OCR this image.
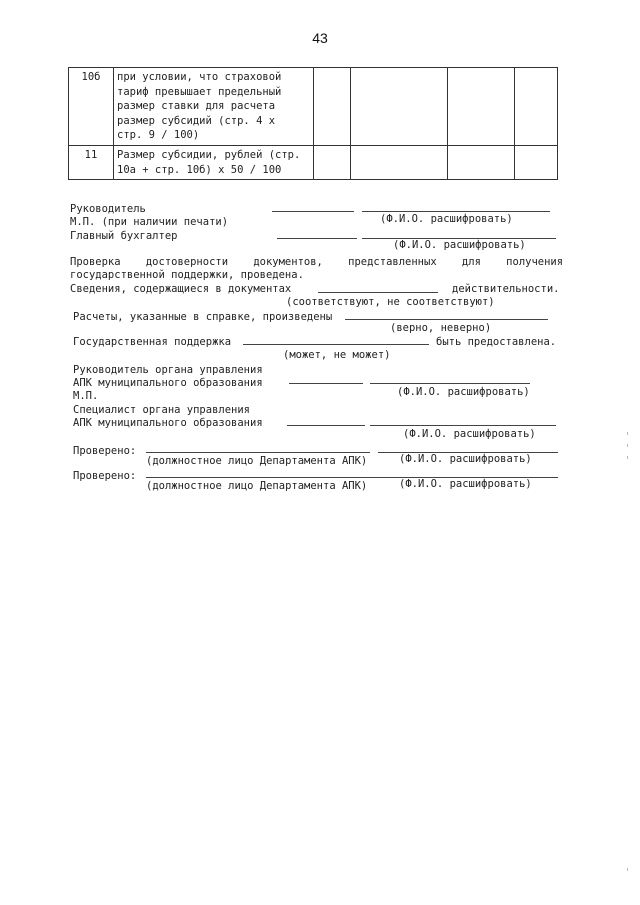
43
10б	при условии, что страховой
тариф превышает предельный
размер ставки для расчета
размер субсидий (стр. 4 х
стр. 9 / 100)				

11	Размер субсидии, рублей (стр.
10а + стр. 10б) х 50 / 100				

Руководитель
М.П. (при наличии печати)	(Ф.И.О. расшифровать)
Главный бухгалтер
(Ф.И.О. расшифровать)
Проверка    достоверности    документов,    представленных    для    получения
государственной поддержки, проведена.
Сведения, содержащиеся в документах	действительности.
(соответствуют, не соответствуют)
Расчеты, указанные в справке, произведены
(верно, неверно)
Государственная поддержка	быть предоставлена.
(может, не может)
Руководитель органа управления
АПК муниципального образования
М.П.	(Ф.И.О. расшифровать)
Специалист органа управления
АПК муниципального образования
(Ф.И.О. расшифровать)
Проверено:
(должностное лицо Департамента АПК)	(Ф.И.О. расшифровать)
Проверено:
(должностное лицо Департамента АПК)	(Ф.И.О. расшифровать)
